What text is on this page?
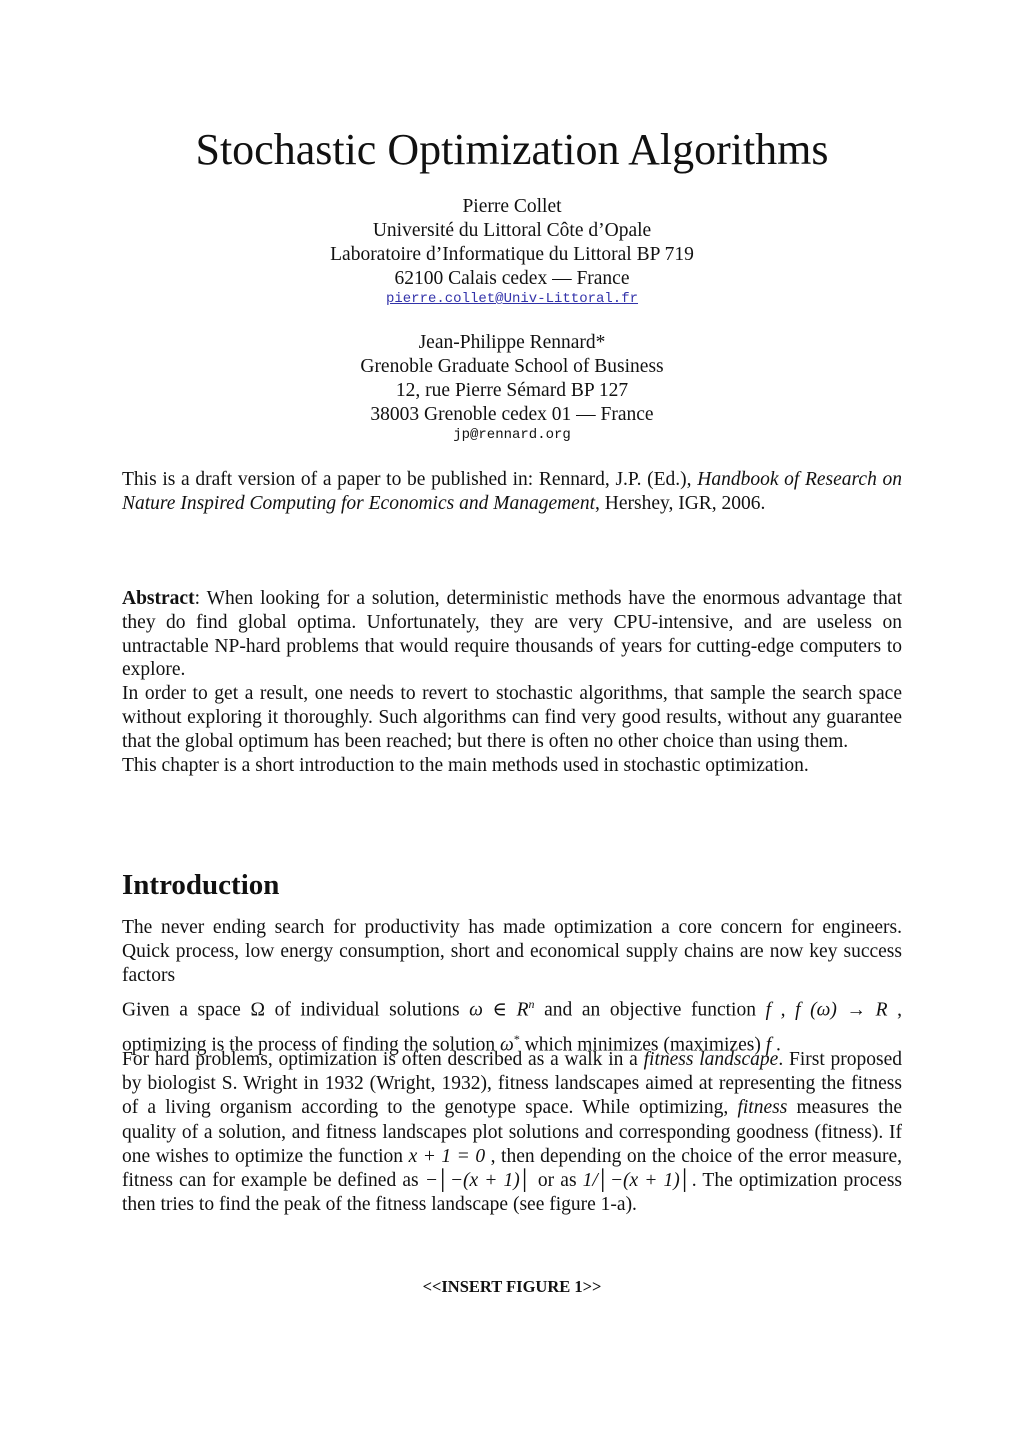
Stochastic Optimization Algorithms
Pierre Collet
Université du Littoral Côte d’Opale
Laboratoire d’Informatique du Littoral BP 719
62100 Calais cedex — France
pierre.collet@Univ-Littoral.fr
Jean-Philippe Rennard*
Grenoble Graduate School of Business
12, rue Pierre Sémard BP 127
38003 Grenoble cedex 01 — France
jp@rennard.org

This is a draft version of a paper to be published in: Rennard, J.P. (Ed.), Handbook of Research on Nature Inspired Computing for Economics and Management, Hershey, IGR, 2006.

Abstract: When looking for a solution, deterministic methods have the enormous advantage that they do find global optima. Unfortunately, they are very CPU-intensive, and are useless on untractable NP-hard problems that would require thousands of years for cutting-edge computers to explore.
In order to get a result, one needs to revert to stochastic algorithms, that sample the search space without exploring it thoroughly. Such algorithms can find very good results, without any guarantee that the global optimum has been reached; but there is often no other choice than using them.
This chapter is a short introduction to the main methods used in stochastic optimization.
Introduction

The never ending search for productivity has made optimization a core concern for engineers. Quick process, low energy consumption, short and economical supply chains are now key success factors

Given a space Ω of individual solutions ω ∈ $R^n$ and an objective function f , f (ω) → R ,
optimizing is the process of finding the solution ω* which minimizes (maximizes) f .

For hard problems, optimization is often described as a walk in a fitness landscape. First proposed by biologist S. Wright in 1932 (Wright, 1932), fitness landscapes aimed at representing the fitness of a living organism according to the genotype space. While optimizing, fitness measures the quality of a solution, and fitness landscapes plot solutions and corresponding goodness (fitness). If one wishes to optimize the function x + 1 = 0 , then depending on the choice of the error measure, fitness can for example be defined as −│−(x + 1)│ or as 1/│−(x + 1)│. The optimization process then tries to find the peak of the fitness landscape (see figure 1-a).

<<INSERT FIGURE 1>>
